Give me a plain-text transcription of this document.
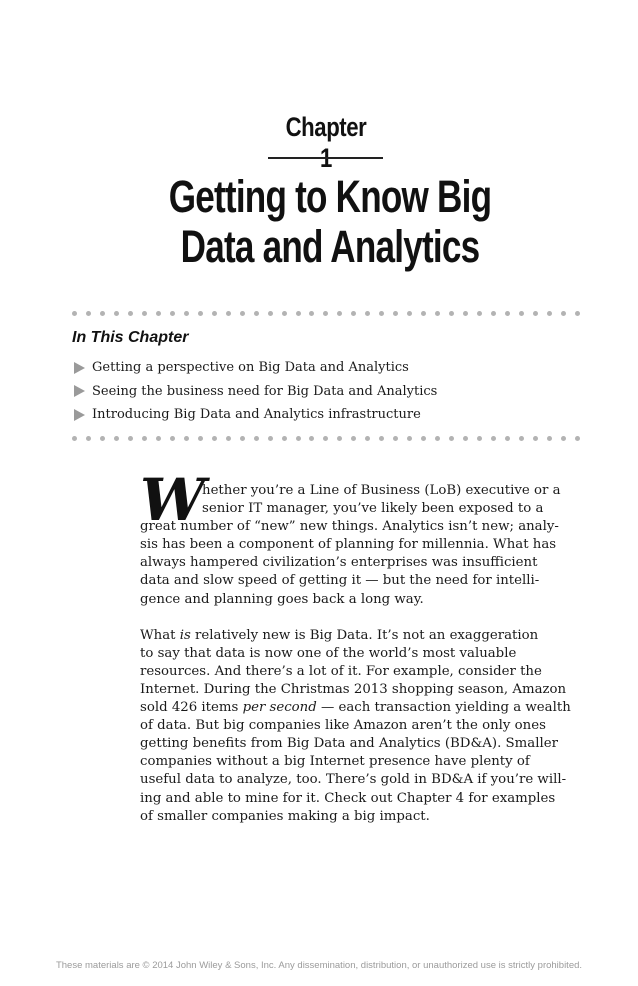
Chapter
Getting to Know Big
Data and Analytics
In This Chapter
Getting a perspective on Big Data and Analytics
Seeing the business need for Big Data and Analytics
Introducing Big Data and Analytics infrastructure
W

hether you’re a Line of Business (LoB) executive or a
senior IT manager, you’ve likely been exposed to a
great number of “new” new things. Analytics isn’t new; analy-
sis has been a component of planning for millennia. What has
always hampered civilization’s enterprises was insufficient
data and slow speed of getting it — but the need for intelli-
gence and planning goes back a long way.

What is relatively new is Big Data. It’s not an exaggeration
to say that data is now one of the world’s most valuable
resources. And there’s a lot of it. For example, consider the
Internet. During the Christmas 2013 shopping season, Amazon
sold 426 items per second — each transaction yielding a wealth
of data. But big companies like Amazon aren’t the only ones
getting benefits from Big Data and Analytics (BD&A). Smaller
companies without a big Internet presence have plenty of
useful data to analyze, too. There’s gold in BD&A if you’re will-
ing and able to mine for it. Check out Chapter 4 for examples
of smaller companies making a big impact.

These materials are © 2014 John Wiley & Sons, Inc. Any dissemination, distribution, or unauthorized use is strictly prohibited.
